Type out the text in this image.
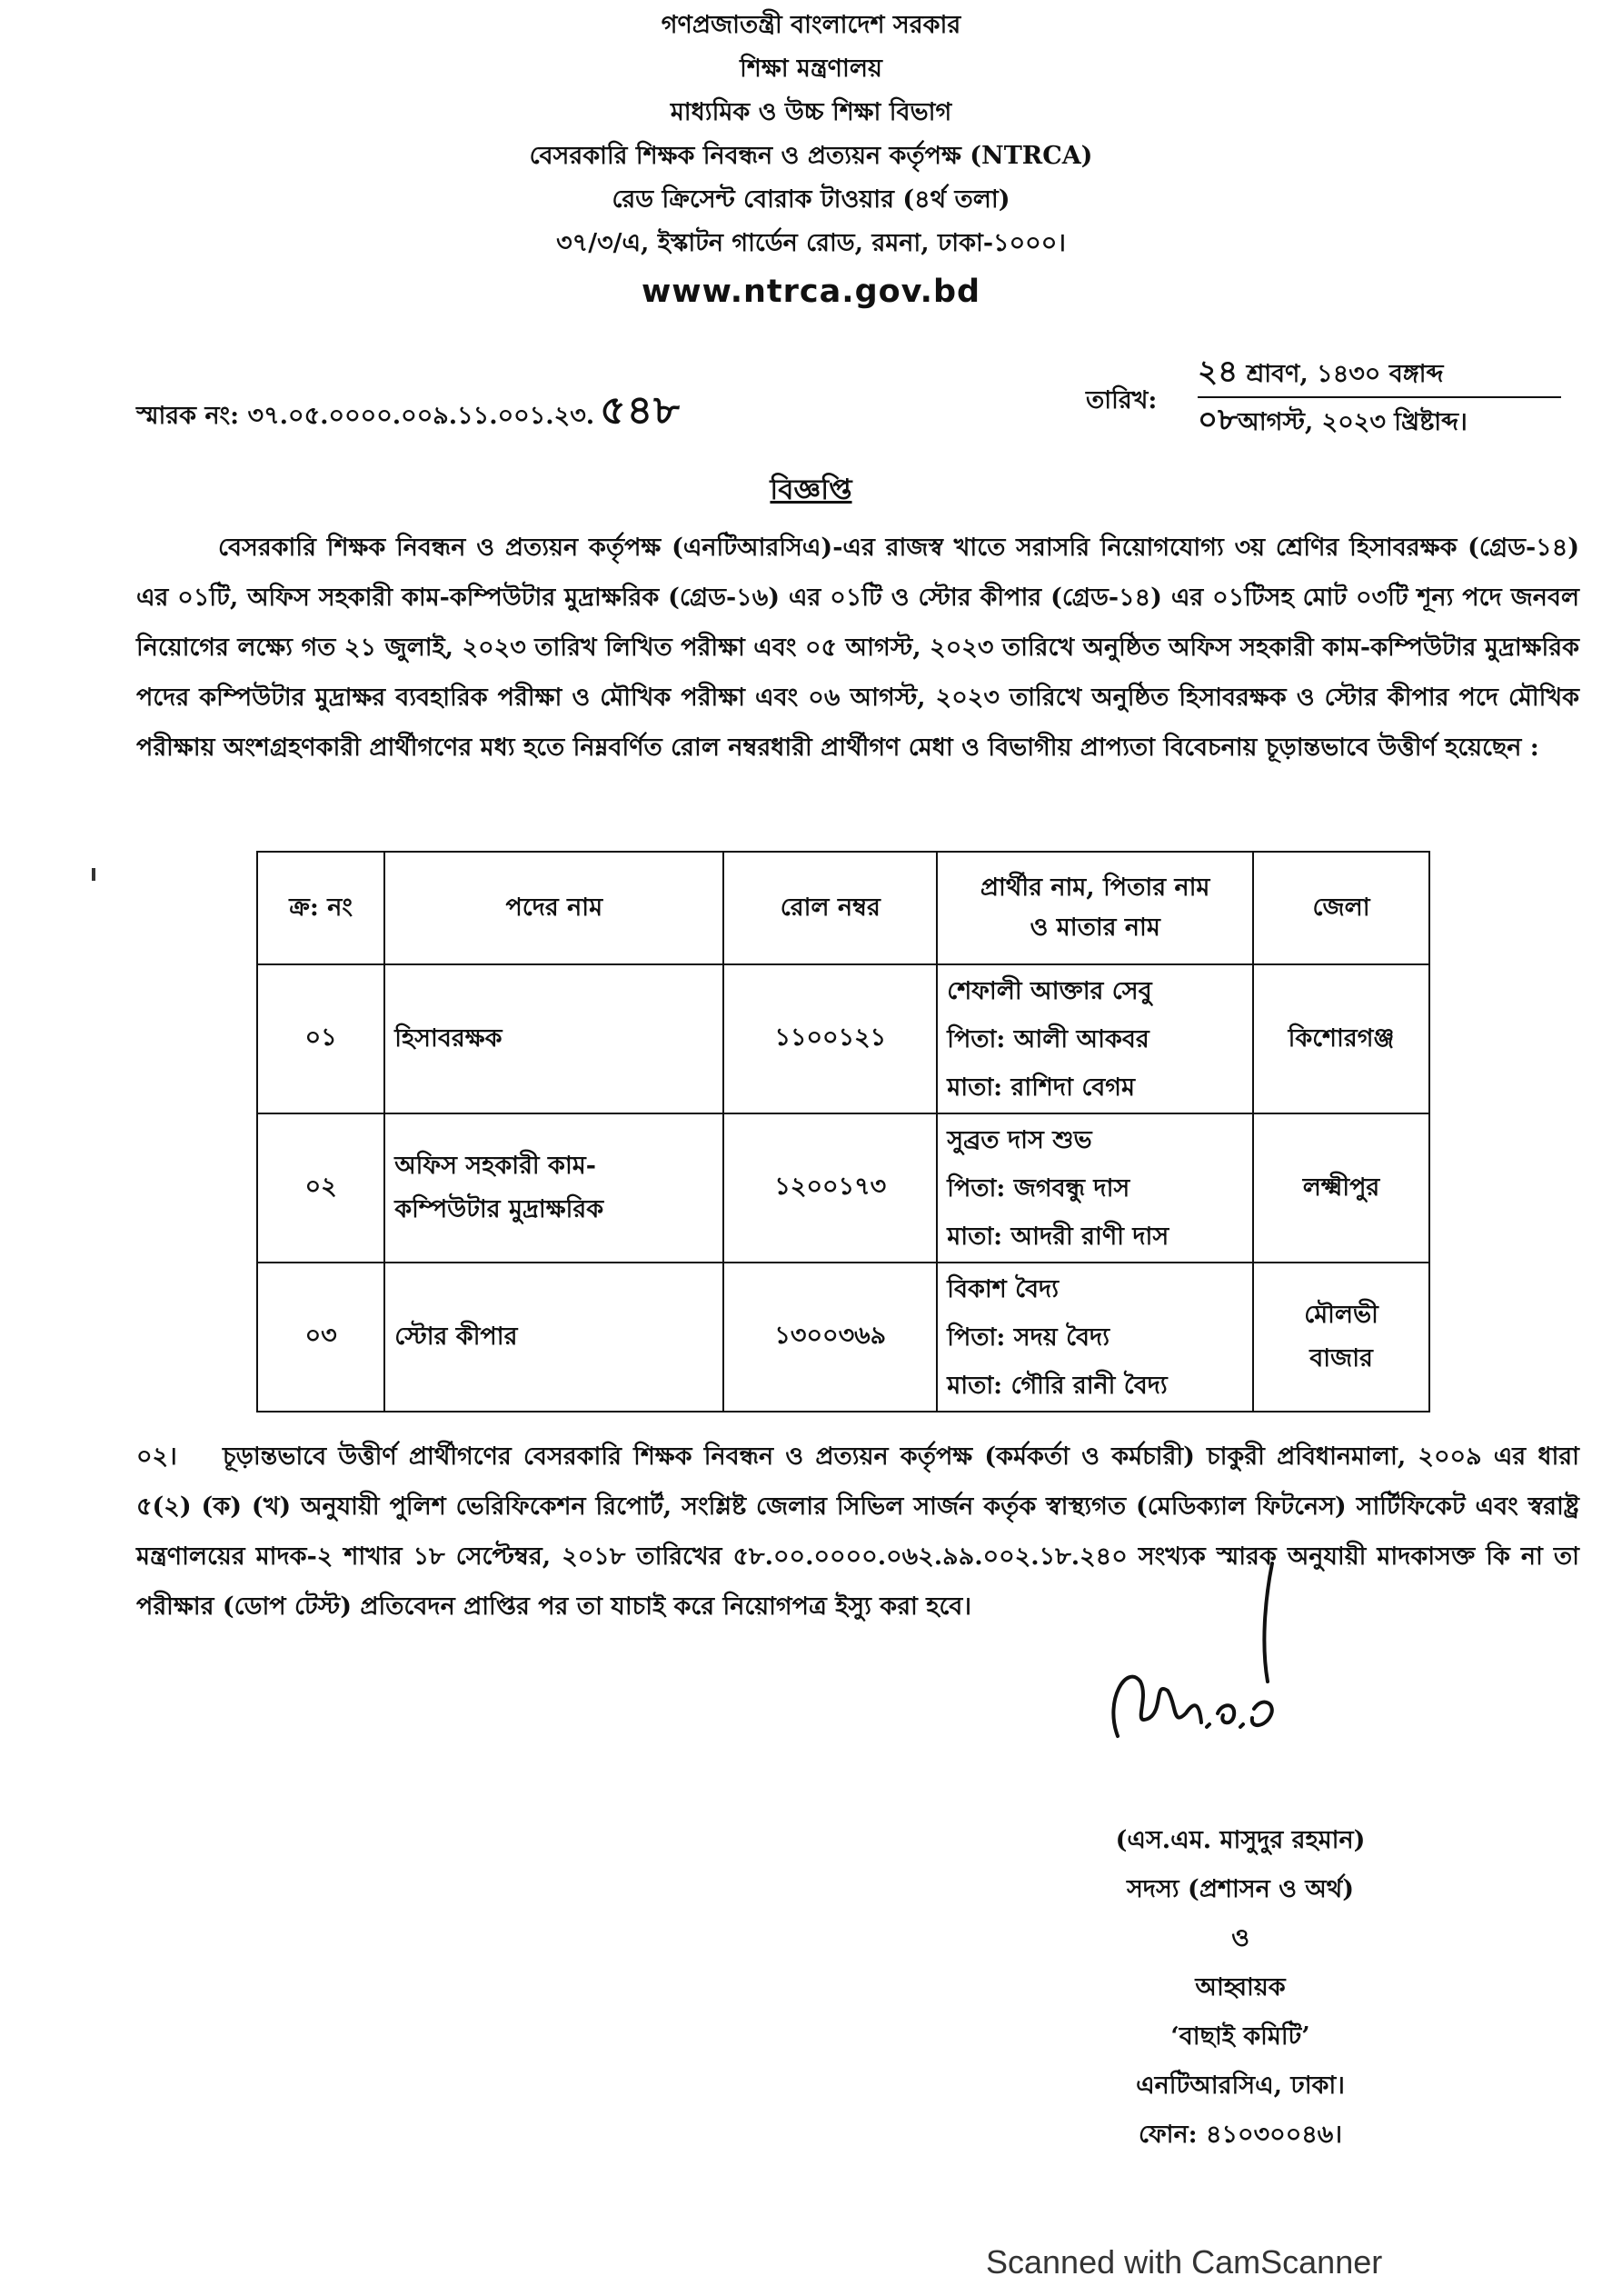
গণপ্রজাতন্ত্রী বাংলাদেশ সরকার
শিক্ষা মন্ত্রণালয়
মাধ্যমিক ও উচ্চ শিক্ষা বিভাগ
বেসরকারি শিক্ষক নিবন্ধন ও প্রত্যয়ন কর্তৃপক্ষ (NTRCA)
রেড ক্রিসেন্ট বোরাক টাওয়ার (৪র্থ তলা)
৩৭/৩/এ, ইস্কাটন গার্ডেন রোড, রমনা, ঢাকা-১০০০।
www.ntrca.gov.bd
স্মারক নং: ৩৭.০৫.০০০০.০০৯.১১.০০১.২৩. ৫৪৮	তারিখ:
২৪ শ্রাবণ, ১৪৩০ বঙ্গাব্দ
০৮আগস্ট, ২০২৩ খ্রিষ্টাব্দ।
বিজ্ঞপ্তি
বেসরকারি শিক্ষক নিবন্ধন ও প্রত্যয়ন কর্তৃপক্ষ (এনটিআরসিএ)-এর রাজস্ব খাতে সরাসরি নিয়োগযোগ্য ৩য় শ্রেণির হিসাবরক্ষক (গ্রেড-১৪) এর ০১টি, অফিস সহকারী কাম-কম্পিউটার মুদ্রাক্ষরিক (গ্রেড-১৬) এর ০১টি ও স্টোর কীপার (গ্রেড-১৪) এর ০১টিসহ মোট ০৩টি শূন্য পদে জনবল নিয়োগের লক্ষ্যে গত ২১ জুলাই, ২০২৩ তারিখ লিখিত পরীক্ষা এবং ০৫ আগস্ট, ২০২৩ তারিখে অনুষ্ঠিত অফিস সহকারী কাম-কম্পিউটার মুদ্রাক্ষরিক পদের কম্পিউটার মুদ্রাক্ষর ব্যবহারিক পরীক্ষা ও মৌখিক পরীক্ষা এবং ০৬ আগস্ট, ২০২৩ তারিখে অনুষ্ঠিত হিসাবরক্ষক ও স্টোর কীপার পদে মৌখিক পরীক্ষায় অংশগ্রহণকারী প্রার্থীগণের মধ্য হতে নিম্নবর্ণিত রোল নম্বরধারী প্রার্থীগণ মেধা ও বিভাগীয় প্রাপ্যতা বিবেচনায় চূড়ান্তভাবে উত্তীর্ণ হয়েছেন :
ক্র: নং	পদের নাম	রোল নম্বর	প্রার্থীর নাম, পিতার নাম
ও মাতার নাম	জেলা
০১	হিসাবরক্ষক	১১০০১২১	শেফালী আক্তার সেবু
পিতা: আলী আকবর
মাতা: রাশিদা বেগম	কিশোরগঞ্জ

০২	অফিস সহকারী কাম-
কম্পিউটার মুদ্রাক্ষরিক	১২০০১৭৩	সুব্রত দাস শুভ
পিতা: জগবন্ধু দাস
মাতা: আদরী রাণী দাস	লক্ষ্মীপুর

০৩	স্টোর কীপার	১৩০০৩৬৯	বিকাশ বৈদ্য
পিতা: সদয় বৈদ্য
মাতা: গৌরি রানী বৈদ্য	মৌলভী
বাজার
০২। চূড়ান্তভাবে উত্তীর্ণ প্রার্থীগণের বেসরকারি শিক্ষক নিবন্ধন ও প্রত্যয়ন কর্তৃপক্ষ (কর্মকর্তা ও কর্মচারী) চাকুরী প্রবিধানমালা, ২০০৯ এর ধারা ৫(২) (ক) (খ) অনুযায়ী পুলিশ ভেরিফিকেশন রিপোর্ট, সংশ্লিষ্ট জেলার সিভিল সার্জন কর্তৃক স্বাস্থ্যগত (মেডিক্যাল ফিটনেস) সার্টিফিকেট এবং স্বরাষ্ট্র মন্ত্রণালয়ের মাদক-২ শাখার ১৮ সেপ্টেম্বর, ২০১৮ তারিখের ৫৮.০০.০০০০.০৬২.৯৯.০০২.১৮.২৪০ সংখ্যক স্মারক অনুযায়ী মাদকাসক্ত কি না তা পরীক্ষার (ডোপ টেস্ট) প্রতিবেদন প্রাপ্তির পর তা যাচাই করে নিয়োগপত্র ইস্যু করা হবে।
(এস.এম. মাসুদুর রহমান)
সদস্য (প্রশাসন ও অর্থ)
ও
আহ্বায়ক
‘বাছাই কমিটি’
এনটিআরসিএ, ঢাকা।
ফোন: ৪১০৩০০৪৬।
Scanned with CamScanner
